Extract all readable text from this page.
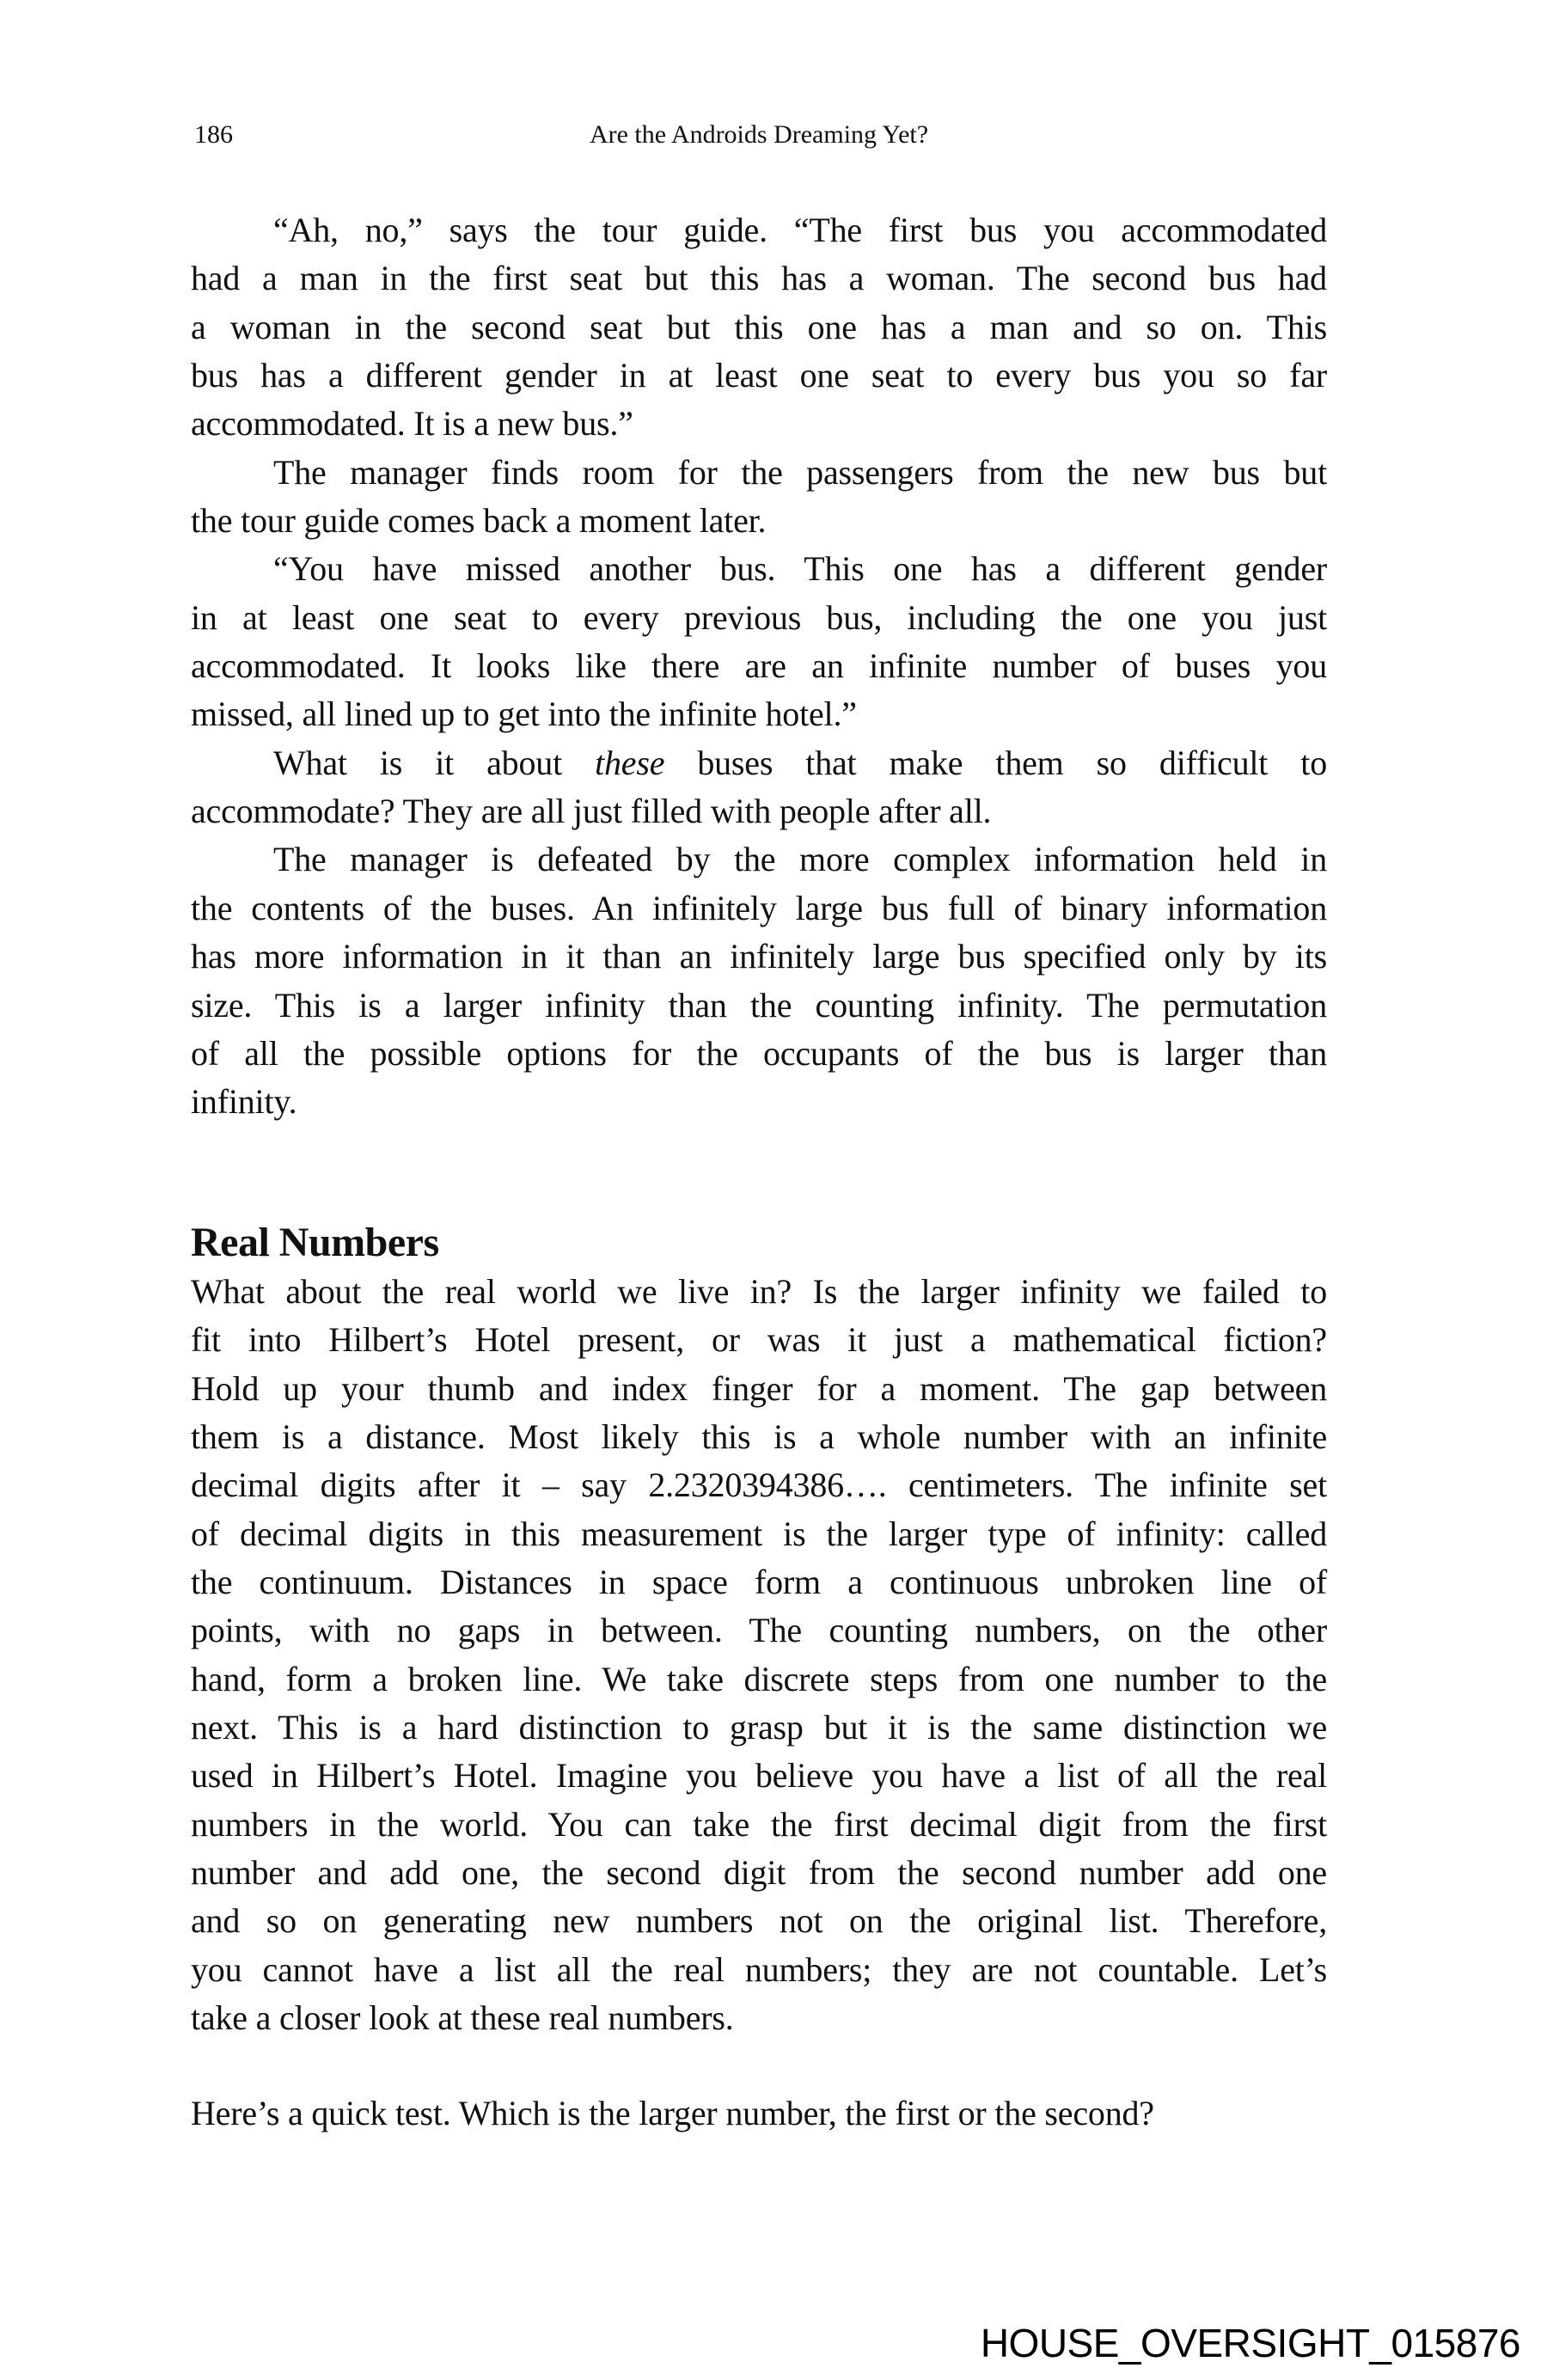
186	Are the Androids Dreaming Yet?
“Ah, no,” says the tour guide. “The first bus you accommodated
had a man in the first seat but this has a woman. The second bus had
a woman in the second seat but this one has a man and so on. This
bus has a different gender in at least one seat to every bus you so far
accommodated. It is a new bus.”
The manager finds room for the passengers from the new bus but
the tour guide comes back a moment later.
“You have missed another bus. This one has a different gender
in at least one seat to every previous bus, including the one you just
accommodated. It looks like there are an infinite number of buses you
missed, all lined up to get into the infinite hotel.”
What is it about these buses that make them so difficult to
accommodate? They are all just filled with people after all.
The manager is defeated by the more complex information held in
the contents of the buses. An infinitely large bus full of binary information
has more information in it than an infinitely large bus specified only by its
size. This is a larger infinity than the counting infinity. The permutation
of all the possible options for the occupants of the bus is larger than
infinity.
Real Numbers
What about the real world we live in? Is the larger infinity we failed to
fit into Hilbert’s Hotel present, or was it just a mathematical fiction?
Hold up your thumb and index finger for a moment. The gap between
them is a distance. Most likely this is a whole number with an infinite
decimal digits after it – say 2.2320394386…. centimeters. The infinite set
of decimal digits in this measurement is the larger type of infinity: called
the continuum. Distances in space form a continuous unbroken line of
points, with no gaps in between. The counting numbers, on the other
hand, form a broken line. We take discrete steps from one number to the
next. This is a hard distinction to grasp but it is the same distinction we
used in Hilbert’s Hotel. Imagine you believe you have a list of all the real
numbers in the world. You can take the first decimal digit from the first
number and add one, the second digit from the second number add one
and so on generating new numbers not on the original list. Therefore,
you cannot have a list all the real numbers; they are not countable. Let’s
take a closer look at these real numbers.
Here’s a quick test. Which is the larger number, the first or the second?
HOUSE_OVERSIGHT_015876
